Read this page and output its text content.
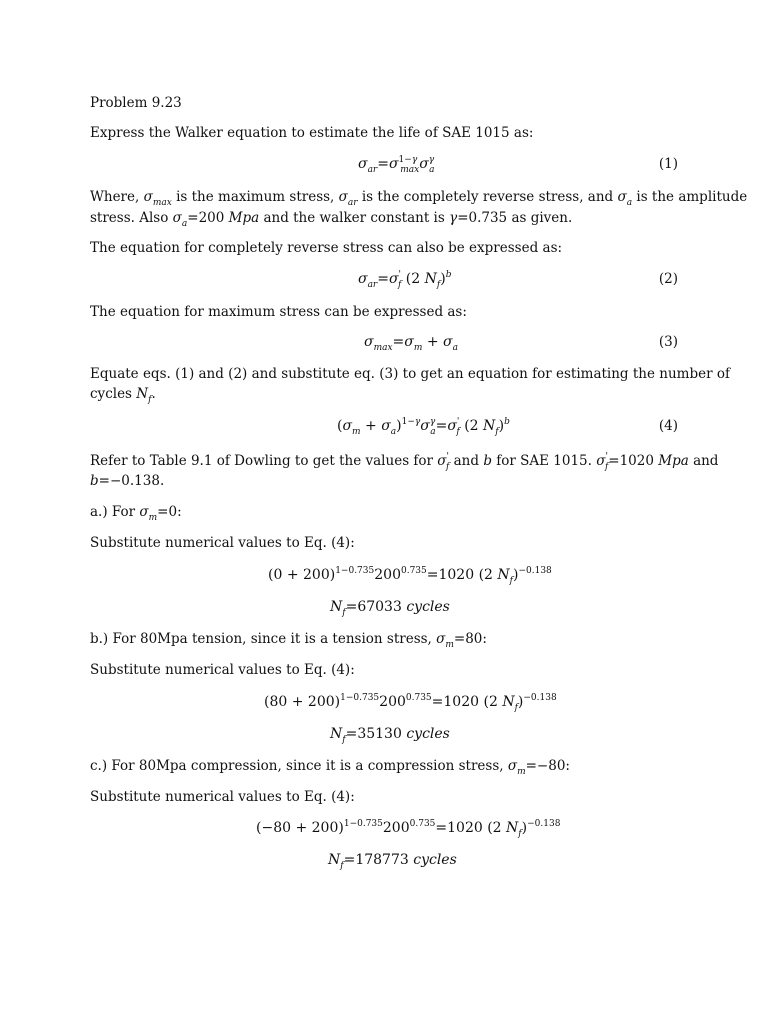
Problem 9.23
Express the Walker equation to estimate the life of SAE 1015 as:
$\sigma_{ar}=\sigma^{1-\gamma}_{max}\sigma^\gamma_a$	(1)
Where, $\sigma_{max}$ is the maximum stress, $\sigma_{ar}$ is the completely reverse stress, and $\sigma_a$ is the amplitude
stress. Also $\sigma_a=200$ Mpa and the walker constant is γ=0.735 as given.
The equation for completely reverse stress can also be expressed as:
$\sigma_{ar}=\sigma'_f$ (2 $N_f)^b$	(2)
The equation for maximum stress can be expressed as:
$\sigma_{max}=\sigma_m + \sigma_a$	(3)
Equate eqs. (1) and (2) and substitute eq. (3) to get an equation for estimating the number of
cycles $N_f$.
$(\sigma_m + \sigma_a)^{1-\gamma}\sigma^\gamma_a=\sigma'_f$ (2 $N_f)^b$	(4)
Refer to Table 9.1 of Dowling to get the values for $\sigma'_f$ and b for SAE 1015. $\sigma'_f=1020$ Mpa and
b=−0.138.
a.) For $\sigma_m=0$:
Substitute numerical values to Eq. (4):
$(0 + 200)^{1-0.735}200^{0.735}=1020$ (2 $N_f)^{-0.138}$
$N_f=67033$ cycles
b.) For 80Mpa tension, since it is a tension stress, $\sigma_m=80$:
Substitute numerical values to Eq. (4):
$(80 + 200)^{1-0.735}200^{0.735}=1020$ (2 $N_f)^{-0.138}$
$N_f=35130$ cycles
c.) For 80Mpa compression, since it is a compression stress, $\sigma_m=-80$:
Substitute numerical values to Eq. (4):
$(-80 + 200)^{1-0.735}200^{0.735}=1020$ (2 $N_f)^{-0.138}$
$N_f=178773$ cycles
